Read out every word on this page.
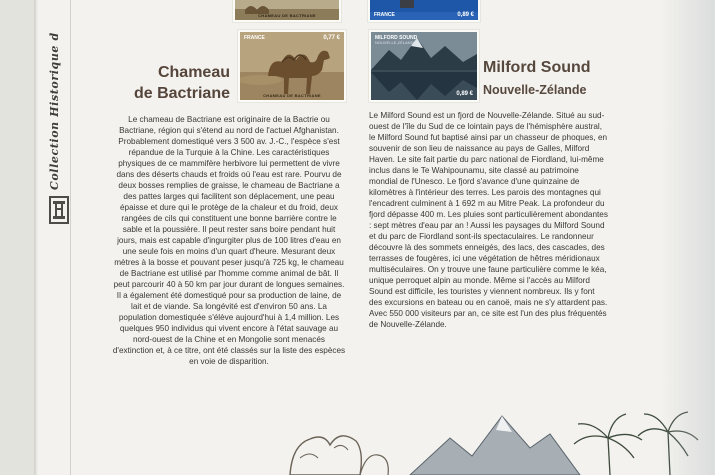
Collection Historique d
CHAMEAU DE BACTRIANE	FRANCE	0,89 €
FRANCE	0,77 €
CHAMEAU DE BACTRIANE
MILFORD SOUND
NOUVELLE-ZÉLANDE
0,89 €
Chameau
de Bactriane
Milford Sound
Nouvelle-Zélande

Le chameau de Bactriane est originaire de la Bactrie ou Bactriane, région qui s'étend au nord de l'actuel Afghanistan. Probablement domestiqué vers 3 500 av. J.-C., l'espèce s'est répandue de la Turquie à la Chine. Les caractéristiques physiques de ce mammifère herbivore lui permettent de vivre dans des déserts chauds et froids où l'eau est rare. Pourvu de deux bosses remplies de graisse, le chameau de Bactriane a des pattes larges qui facilitent son déplacement, une peau épaisse et dure qui le protège de la chaleur et du froid, deux rangées de cils qui constituent une bonne barrière contre le sable et la poussière. Il peut rester sans boire pendant huit jours, mais est capable d'ingurgiter plus de 100 litres d'eau en une seule fois en moins d'un quart d'heure. Mesurant deux mètres à la bosse et pouvant peser jusqu'à 725 kg, le chameau de Bactriane est utilisé par l'homme comme animal de bât. Il peut parcourir 40 à 50 km par jour durant de longues semaines. Il a également été domestiqué pour sa production de laine, de lait et de viande. Sa longévité est d'environ 50 ans. La population domestiquée s'élève aujourd'hui à 1,4 million. Les quelques 950 individus qui vivent encore à l'état sauvage au nord-ouest de la Chine et en Mongolie sont menacés d'extinction et, à ce titre, ont été classés sur la liste des espèces en voie de disparition.

Le Milford Sound est un fjord de Nouvelle-Zélande. Situé au sud-ouest de l'île du Sud de ce lointain pays de l'hémisphère austral, le Milford Sound fut baptisé ainsi par un chasseur de phoques, en souvenir de son lieu de naissance au pays de Galles, Milford Haven. Le site fait partie du parc national de Fiordland, lui-même inclus dans le Te Wahipounamu, site classé au patrimoine mondial de l'Unesco. Le fjord s'avance d'une quinzaine de kilomètres à l'intérieur des terres. Les parois des montagnes qui l'encadrent culminent à 1 692 m au Mitre Peak. La profondeur du fjord dépasse 400 m. Les pluies sont particulièrement abondantes : sept mètres d'eau par an ! Aussi les paysages du Milford Sound et du parc de Fiordland sont-ils spectaculaires. Le randonneur découvre là des sommets enneigés, des lacs, des cascades, des terrasses de fougères, ici une végétation de hêtres méridionaux multiséculaires. On y trouve une faune particulière comme le kéa, unique perroquet alpin au monde. Même si l'accès au Milford Sound est difficile, les touristes y viennent nombreux. Ils y font des excursions en bateau ou en canoë, mais ne s'y attardent pas. Avec 550 000 visiteurs par an, ce site est l'un des plus fréquentés de Nouvelle-Zélande.
